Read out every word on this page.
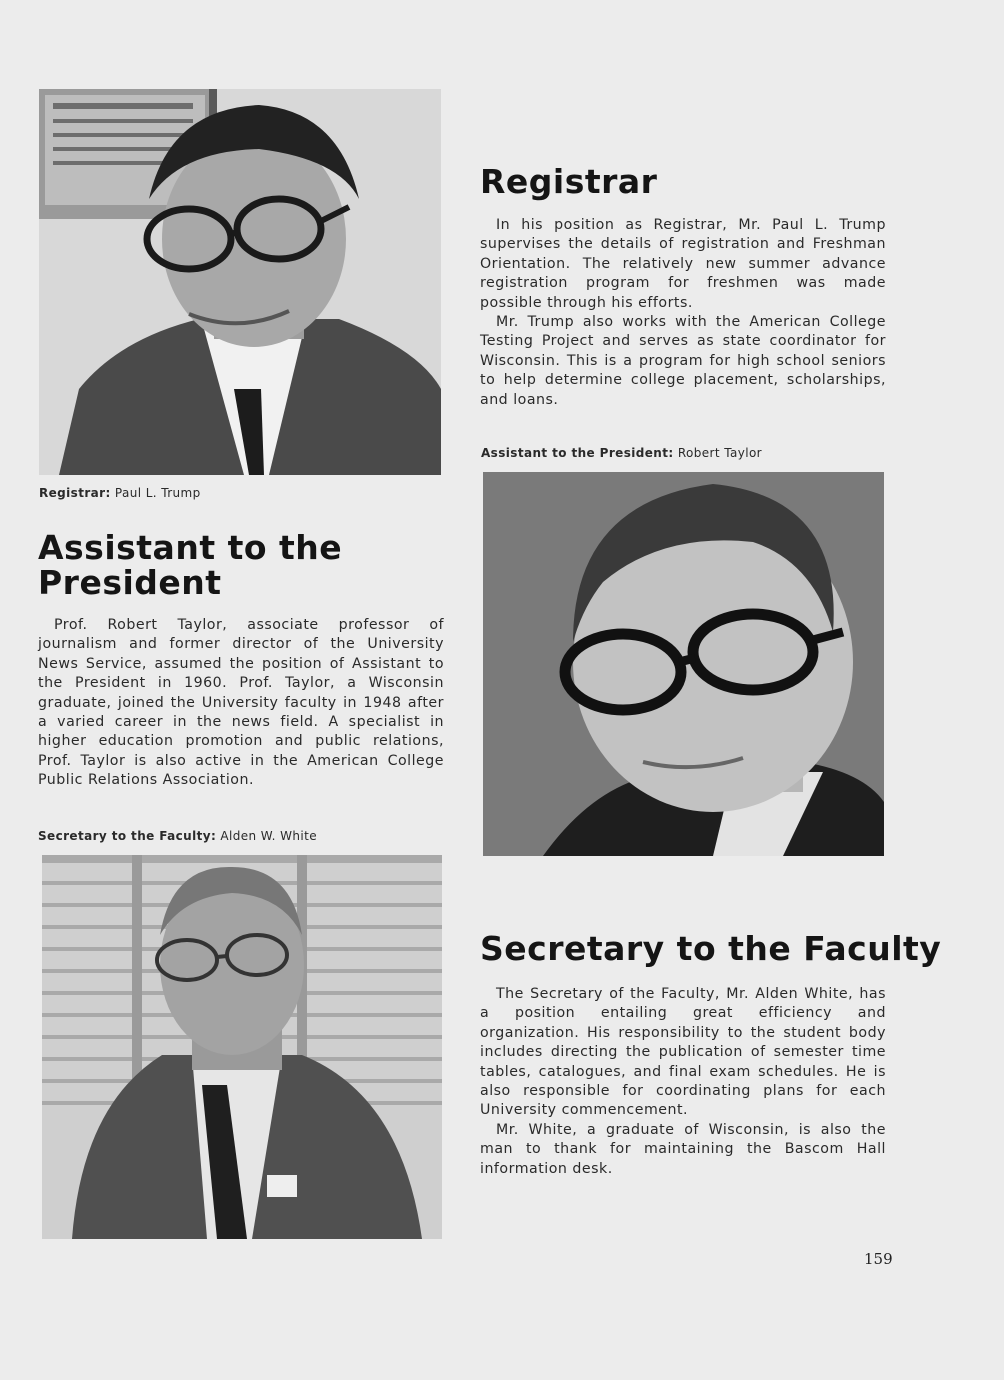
Registrar: Paul L. Trump
Registrar

In his position as Registrar, Mr. Paul L. Trump supervises the details of registration and Freshman Orientation. The relatively new summer advance registration program for freshmen was made possible through his efforts.

Mr. Trump also works with the American College Testing Project and serves as state coordinator for Wisconsin. This is a program for high school seniors to help determine college placement, scholarships, and loans.

Assistant to the President: Robert Taylor
Assistant to the
President

Prof. Robert Taylor, associate professor of journalism and former director of the University News Service, assumed the position of Assistant to the President in 1960. Prof. Taylor, a Wisconsin graduate, joined the University faculty in 1948 after a varied career in the news field. A specialist in higher education promotion and public relations, Prof. Taylor is also active in the American College Public Relations Association.

Secretary to the Faculty: Alden W. White
Secretary to the Faculty

The Secretary of the Faculty, Mr. Alden White, has a position entailing great efficiency and organization. His responsibility to the student body includes directing the publication of semester time tables, catalogues, and final exam schedules. He is also responsible for coordinating plans for each University commencement.

Mr. White, a graduate of Wisconsin, is also the man to thank for maintaining the Bascom Hall information desk.

159
